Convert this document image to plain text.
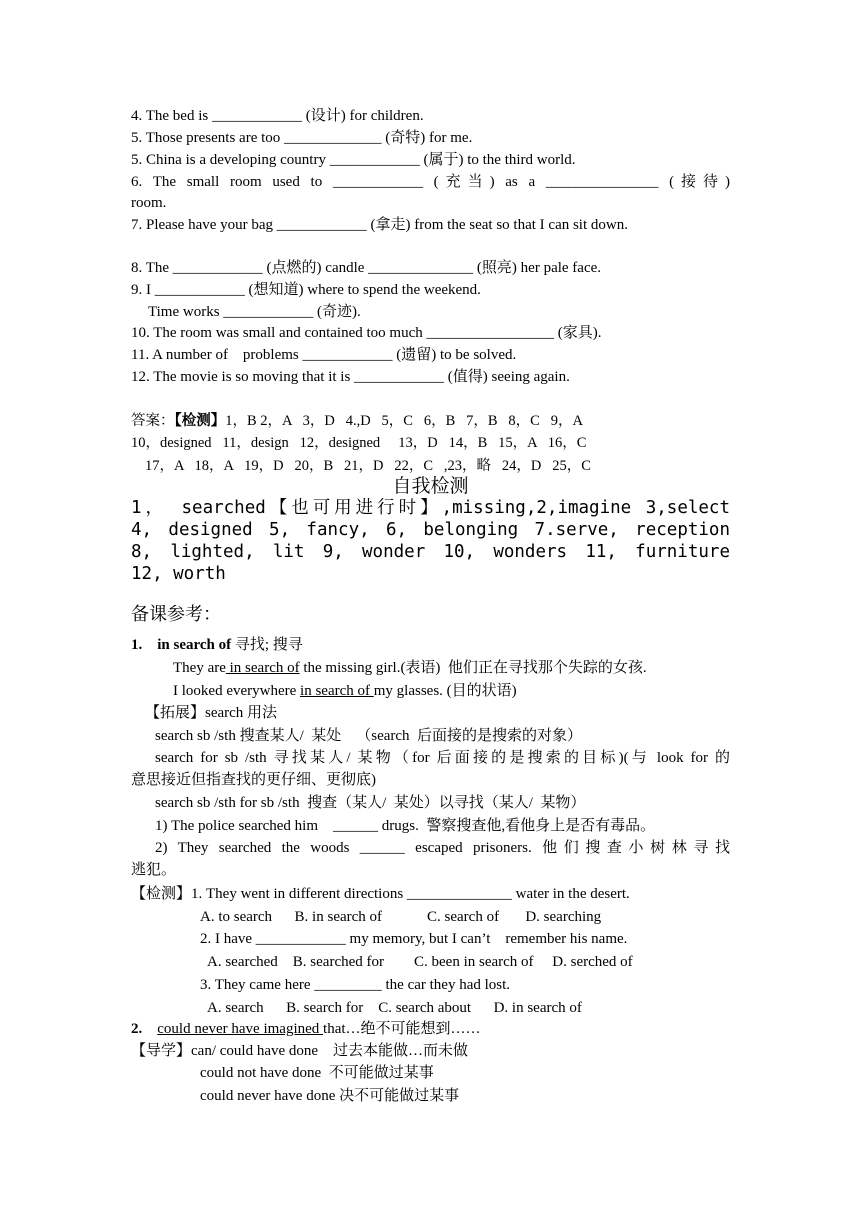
4. The bed is ____________ (设计) for children.
5. Those presents are too _____________ (奇特) for me.
5. China is a developing country ____________ (属于) to the third world.
6. The small room used to ____________ (充当) as a _______________ (接待)
room.
7. Please have your bag ____________ (拿走) from the seat so that I can sit down.
8. The ____________ (点燃的) candle ______________ (照亮) her pale face.
9. I ____________ (想知道) where to spend the weekend.
Time works ____________ (奇迹).
10. The room was small and contained too much _________________ (家具).
11. A number of    problems ____________ (遗留) to be solved.
12. The movie is so moving that it is ____________ (值得) seeing again.
答案：【检测】1，B 2，A   3，D   4.,D   5，C   6，B   7，B   8，C   9，A
10，designed   11，design   12，designed     13，D   14，B   15，A   16，C
17，A   18，A   19，D   20，B   21，D   22，C   ,23，略   24，D   25，C
自我检测
1， searched【也可用进行时】,missing,2,imagine 3,select
4, designed 5, fancy, 6, belonging 7.serve, reception
8, lighted, lit 9, wonder 10, wonders 11, furniture
12, worth
备课参考：
1. in search of 寻找; 搜寻
They are in search of the missing girl.(表语)  他们正在寻找那个失踪的女孩.
I looked everywhere in search of my glasses. (目的状语)
【拓展】search 用法
search sb /sth 搜查某人/  某处    （search  后面接的是搜索的对象）
search for sb /sth 寻找某人/ 某物（for 后面接的是搜索的目标)(与 look for 的
意思接近但指查找的更仔细、更彻底)
search sb /sth for sb /sth  搜查（某人/  某处）以寻找（某人/  某物）
1) The police searched him    ______ drugs.  警察搜查他,看他身上是否有毒品。
2) They searched the woods ______ escaped prisoners. 他们搜查小树林寻找
逃犯。
【检测】1. They went in different directions ______________ water in the desert.
A. to search      B. in search of            C. search of       D. searching
2. I have ____________ my memory, but I can’t    remember his name.
A. searched    B. searched for        C. been in search of     D. serched of
3. They came here _________ the car they had lost.
A. search      B. search for    C. search about      D. in search of
2. could never have imagined that…绝不可能想到……
【导学】can/ could have done    过去本能做…而未做
could not have done  不可能做过某事
could never have done 决不可能做过某事
